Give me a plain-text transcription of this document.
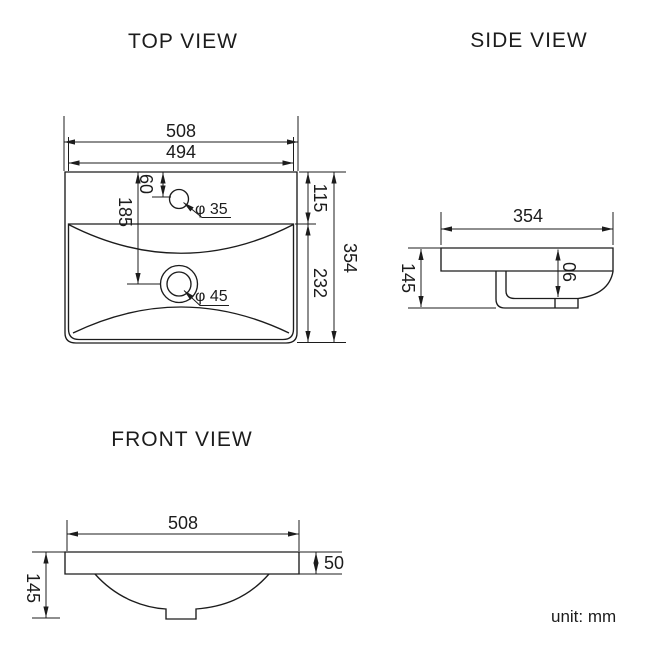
TOP VIEW
508
494
115
232
354
60
185	φ 35
φ 45
SIDE VIEW
354
145	90
FRONT VIEW
508
50
145
unit: mm
